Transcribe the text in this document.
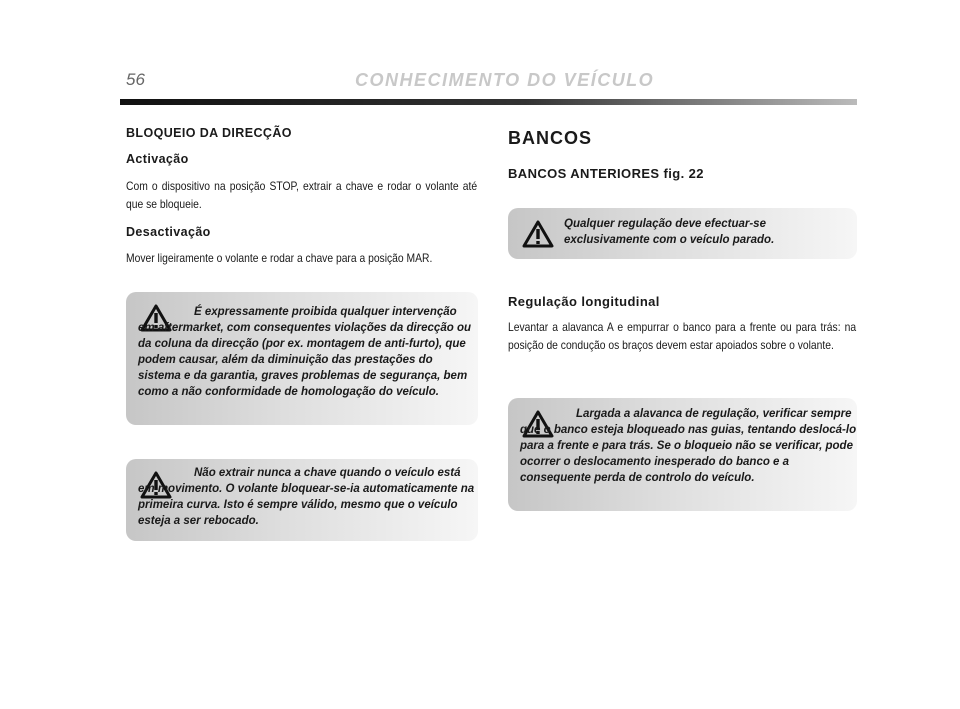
56	CONHECIMENTO DO VEÍCULO
BLOQUEIO DA DIRECÇÃO
Activação

Com o dispositivo na posição STOP, extrair a chave e rodar o volante até que se bloqueie.

Desactivação

Mover ligeiramente o volante e rodar a chave para a posição MAR.

É expressamente proibida qualquer intervenção em aftermarket, com consequentes violações da direcção ou da coluna da direcção (por ex. montagem de anti-furto), que podem causar, além da diminuição das prestações do sistema e da garantia, graves problemas de segurança, bem como a não conformidade de homologação do veículo.

Não extrair nunca a chave quando o veículo está em movimento. O volante bloquear-se-ia automaticamente na primeira curva. Isto é sempre válido, mesmo que o veículo esteja a ser rebocado.

BANCOS
BANCOS ANTERIORES fig. 22

Qualquer regulação deve efectuar-se exclusivamente com o veículo parado.

Regulação longitudinal

Levantar a alavanca A e empurrar o banco para a frente ou para trás: na posição de condução os braços devem estar apoiados sobre o volante.

Largada a alavanca de regulação, verificar sempre que o banco esteja bloqueado nas guias, tentando deslocá-lo para a frente e para trás. Se o bloqueio não se verificar, pode ocorrer o deslocamento inesperado do banco e a consequente perda de controlo do veículo.
